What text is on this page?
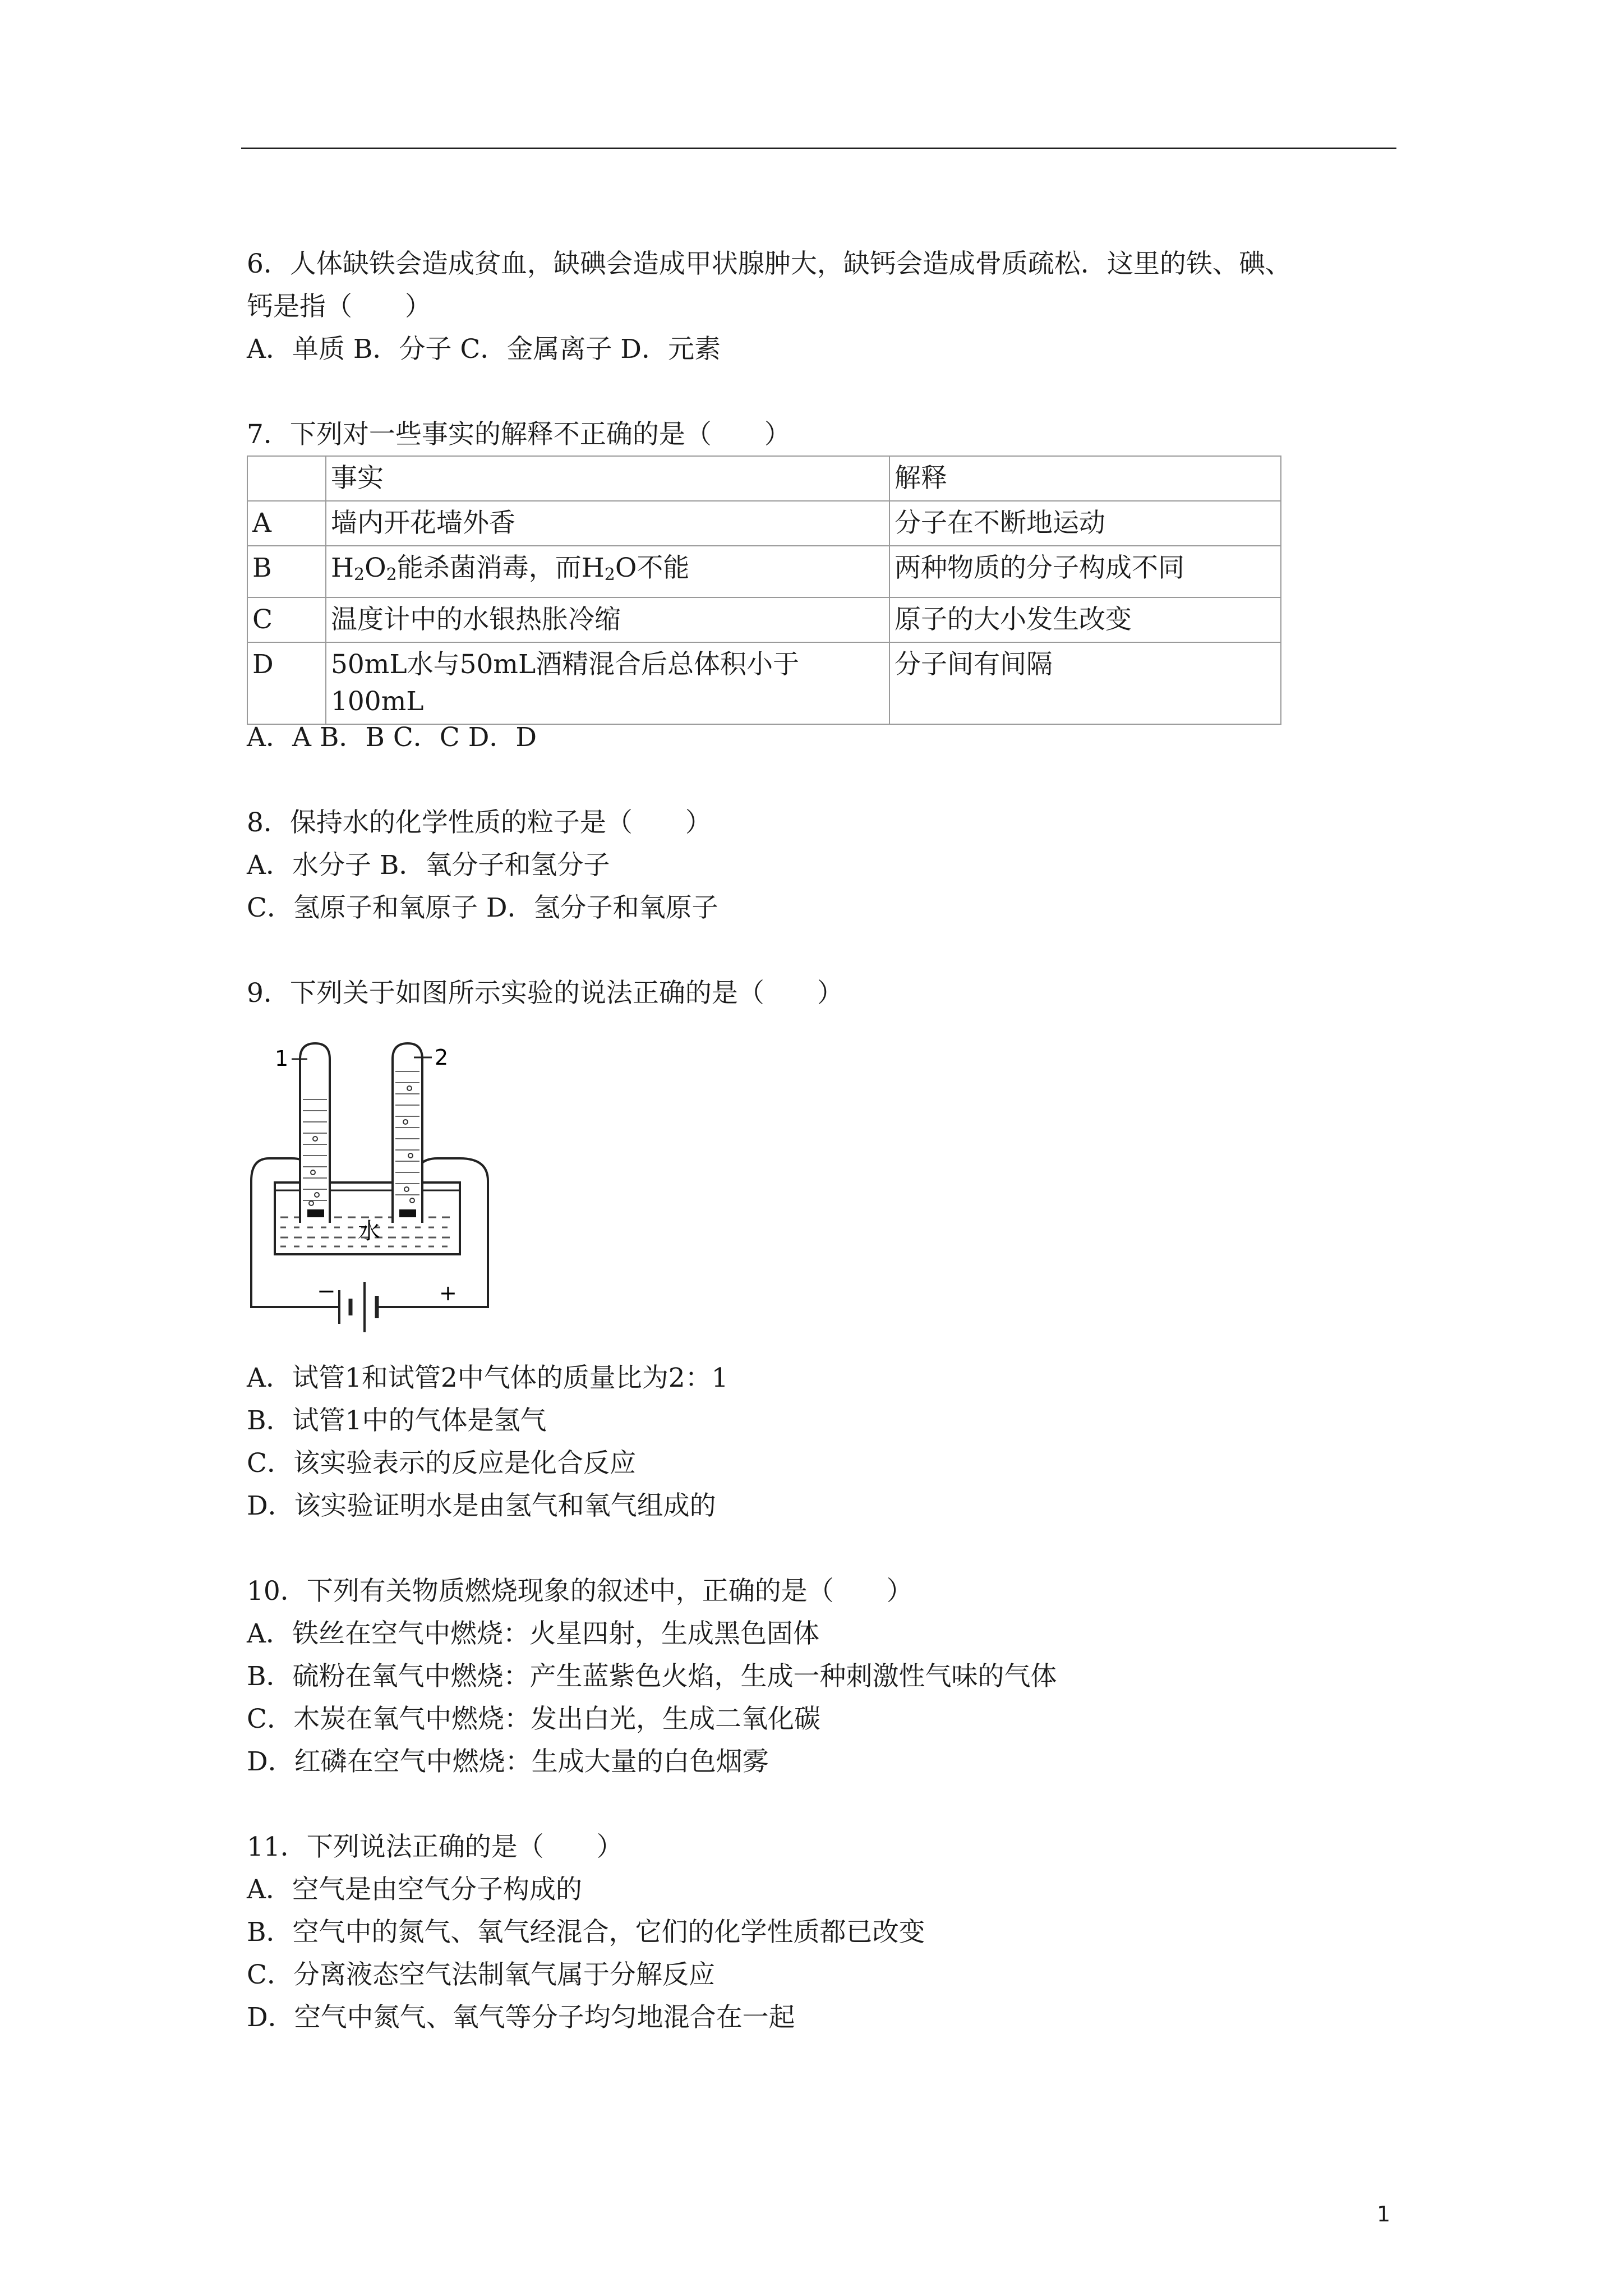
6．人体缺铁会造成贫血，缺碘会造成甲状腺肿大，缺钙会造成骨质疏松．这里的铁、碘、
钙是指（　　）
A．单质 B．分子 C．金属离子 D．元素
7．下列对一些事实的解释不正确的是（　　）
	事实	解释
A	墙内开花墙外香	分子在不断地运动
B	$H_2O_2$能杀菌消毒，而$H_2O$不能	两种物质的分子构成不同
C	温度计中的水银热胀冷缩	原子的大小发生改变
D	50mL水与50mL酒精混合后总体积小于
100mL	分子间有间隔
A．A B．B C．C D．D
8．保持水的化学性质的粒子是（　　）
A．水分子 B．氧分子和氢分子
C．氢原子和氧原子 D．氢分子和氧原子
9．下列关于如图所示实验的说法正确的是（　　）
−	+
1	2
水
A．试管1和试管2中气体的质量比为2：1
B．试管1中的气体是氢气
C．该实验表示的反应是化合反应
D．该实验证明水是由氢气和氧气组成的
10．下列有关物质燃烧现象的叙述中，正确的是（　　）
A．铁丝在空气中燃烧：火星四射，生成黑色固体
B．硫粉在氧气中燃烧：产生蓝紫色火焰，生成一种刺激性气味的气体
C．木炭在氧气中燃烧：发出白光，生成二氧化碳
D．红磷在空气中燃烧：生成大量的白色烟雾
11．下列说法正确的是（　　）
A．空气是由空气分子构成的
B．空气中的氮气、氧气经混合，它们的化学性质都已改变
C．分离液态空气法制氧气属于分解反应
D．空气中氮气、氧气等分子均匀地混合在一起
1
